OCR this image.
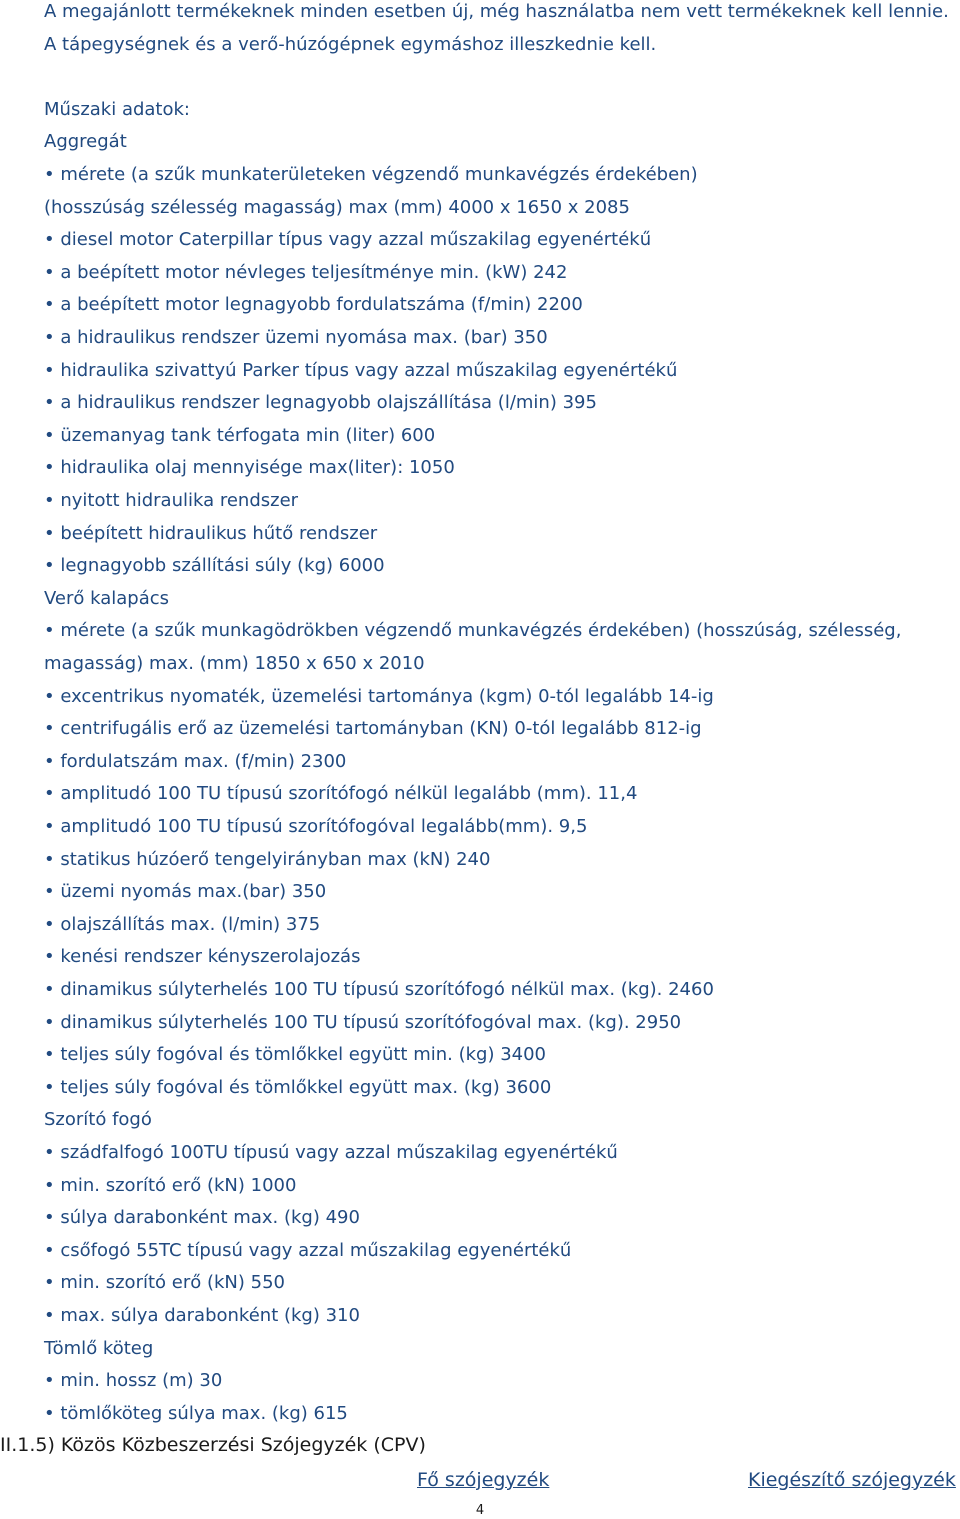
A megajánlott termékeknek minden esetben új, még használatba nem vett termékeknek kell lennie.
A tápegységnek és a verő-húzógépnek egymáshoz illeszkednie kell.
Műszaki adatok:
Aggregát
• mérete (a szűk munkaterületeken végzendő munkavégzés érdekében)
(hosszúság szélesség magasság) max (mm) 4000 x 1650 x 2085
• diesel motor Caterpillar típus vagy azzal műszakilag egyenértékű
• a beépített motor névleges teljesítménye min. (kW) 242
• a beépített motor legnagyobb fordulatszáma (f/min) 2200
• a hidraulikus rendszer üzemi nyomása max. (bar) 350
• hidraulika szivattyú Parker típus vagy azzal műszakilag egyenértékű
• a hidraulikus rendszer legnagyobb olajszállítása (l/min) 395
• üzemanyag tank térfogata min (liter) 600
• hidraulika olaj mennyisége max(liter): 1050
• nyitott hidraulika rendszer
• beépített hidraulikus hűtő rendszer
• legnagyobb szállítási súly (kg) 6000
Verő kalapács
• mérete (a szűk munkagödrökben végzendő munkavégzés érdekében) (hosszúság, szélesség,
magasság) max. (mm) 1850 x 650 x 2010
• excentrikus nyomaték, üzemelési tartománya (kgm) 0-tól legalább 14-ig
• centrifugális erő az üzemelési tartományban (KN) 0-tól legalább 812-ig
• fordulatszám max. (f/min) 2300
• amplitudó 100 TU típusú szorítófogó nélkül legalább (mm). 11,4
• amplitudó 100 TU típusú szorítófogóval legalább(mm). 9,5
• statikus húzóerő tengelyirányban max (kN) 240
• üzemi nyomás max.(bar) 350
• olajszállítás max. (l/min) 375
• kenési rendszer kényszerolajozás
• dinamikus súlyterhelés 100 TU típusú szorítófogó nélkül max. (kg). 2460
• dinamikus súlyterhelés 100 TU típusú szorítófogóval max. (kg). 2950
• teljes súly fogóval és tömlőkkel együtt min. (kg) 3400
• teljes súly fogóval és tömlőkkel együtt max. (kg) 3600
Szorító fogó
• szádfalfogó 100TU típusú vagy azzal műszakilag egyenértékű
• min. szorító erő (kN) 1000
• súlya darabonként max. (kg) 490
• csőfogó 55TC típusú vagy azzal műszakilag egyenértékű
• min. szorító erő (kN) 550
• max. súlya darabonként (kg) 310
Tömlő köteg
• min. hossz (m) 30
• tömlőköteg súlya max. (kg) 615
II.1.5) Közös Közbeszerzési Szójegyzék (CPV)
Fő szójegyzék	Kiegészítő szójegyzék
4
